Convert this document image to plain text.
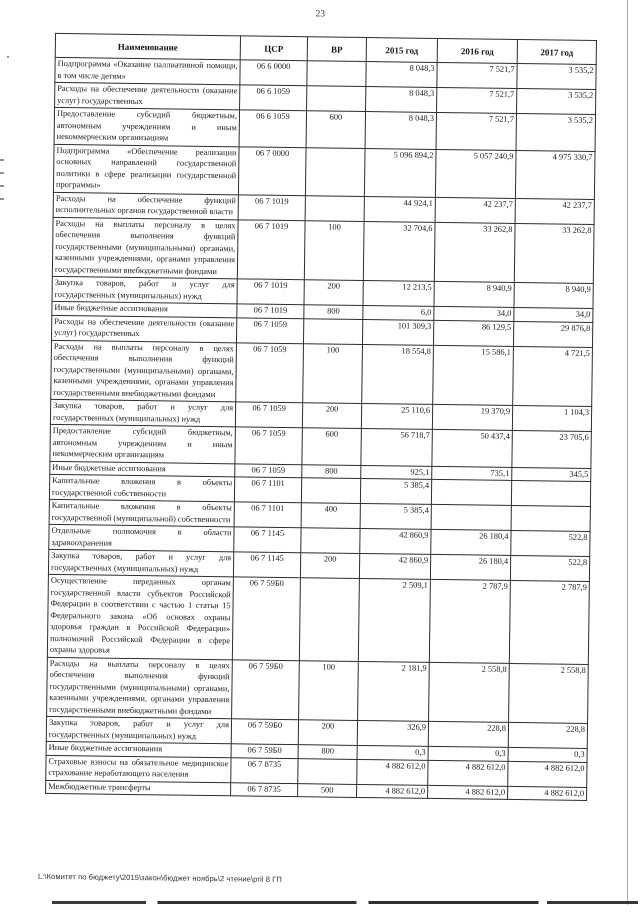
23
Наименование	ЦСР	ВР	2015 год	2016 год	2017 год
Подпрограмма «Оказание паллиативной помощи, в том числе детям»	06 6 0000		8 048,3	7 521,7	3 535,2
Расходы на обеспечение деятельности (оказание услуг) государственных	06 6 1059		8 048,3	7 521,7	3 535,2
Предоставление субсидий бюджетным, автономным учреждениям и иным некоммерческим организациям	06 6 1059	600	8 048,3	7 521,7	3 535,2
Подпрограмма «Обеспечение реализации основных направлений государственной политики в сфере реализации государственной программы»	06 7 0000		5 096 894,2	5 057 240,9	4 975 330,7
Расходы на обеспечение функций исполнительных органов государственной власти	06 7 1019		44 924,1	42 237,7	42 237,7
Расходы на выплаты персоналу в целях обеспечения выполнения функций государственными (муниципальными) органами, казенными учреждениями, органами управления государственными внебюджетными фондами	06 7 1019	100	32 704,6	33 262,8	33 262,8
Закупка товаров, работ и услуг для государственных (муниципальных) нужд	06 7 1019	200	12 213,5	8 940,9	8 940,9
Иные бюджетные ассигнования	06 7 1019	800	6,0	34,0	34,0
Расходы на обеспечение деятельности (оказание услуг) государственных	06 7 1059		101 309,3	86 129,5	29 876,8
Расходы на выплаты персоналу в целях обеспечения выполнения функций государственными (муниципальными) органами, казенными учреждениями, органами управления государственными внебюджетными фондами	06 7 1059	100	18 554,8	15 586,1	4 721,5
Закупка товаров, работ и услуг для государственных (муниципальных) нужд	06 7 1059	200	25 110,6	19 370,9	1 104,3
Предоставление субсидий бюджетным, автономным учреждениям и иным некоммерческим организациям	06 7 1059	600	56 718,7	50 437,4	23 705,6
Иные бюджетные ассигнования	06 7 1059	800	925,1	735,1	345,5
Капитальные вложения в объекты государственной собственности	06 7 1101		5 385,4		
Капитальные вложения в объекты государственной (муниципальной) собственности	06 7 1101	400	5 385,4		
Отдельные полномочия в области здравоохранения	06 7 1145		42 860,9	26 180,4	522,8
Закупка товаров, работ и услуг для государственных (муниципальных) нужд	06 7 1145	200	42 860,9	26 180,4	522,8
Осуществление переданных органам государственной власти субъектов Российской Федерации в соответствии с частью 1 статьи 15 Федерального закона «Об основах охраны здоровья граждан в Российской Федерации» полномочий Российской Федерации в сфере охраны здоровья	06 7 59Б0		2 509,1	2 787,9	2 787,9
Расходы на выплаты персоналу в целях обеспечения выполнения функций государственными (муниципальными) органами, казенными учреждениями, органами управления государственными внебюджетными фондами	06 7 59Б0	100	2 181,9	2 558,8	2 558,8
Закупка товаров, работ и услуг для государственных (муниципальных) нужд	06 7 59Б0	200	326,9	228,8	228,8
Иные бюджетные ассигнования	06 7 59Б0	800	0,3	0,3	0,3
Страховые взносы на обязательное медицинское страхование неработающего населения	06 7 8735		4 882 612,0	4 882 612,0	4 882 612,0
Межбюджетные трансферты	06 7 8735	500	4 882 612,0	4 882 612,0	4 882 612,0
L:\Комитет по бюджету\2015\закон\бюджет ноябрь\2 чтение\pril 8 ГП
